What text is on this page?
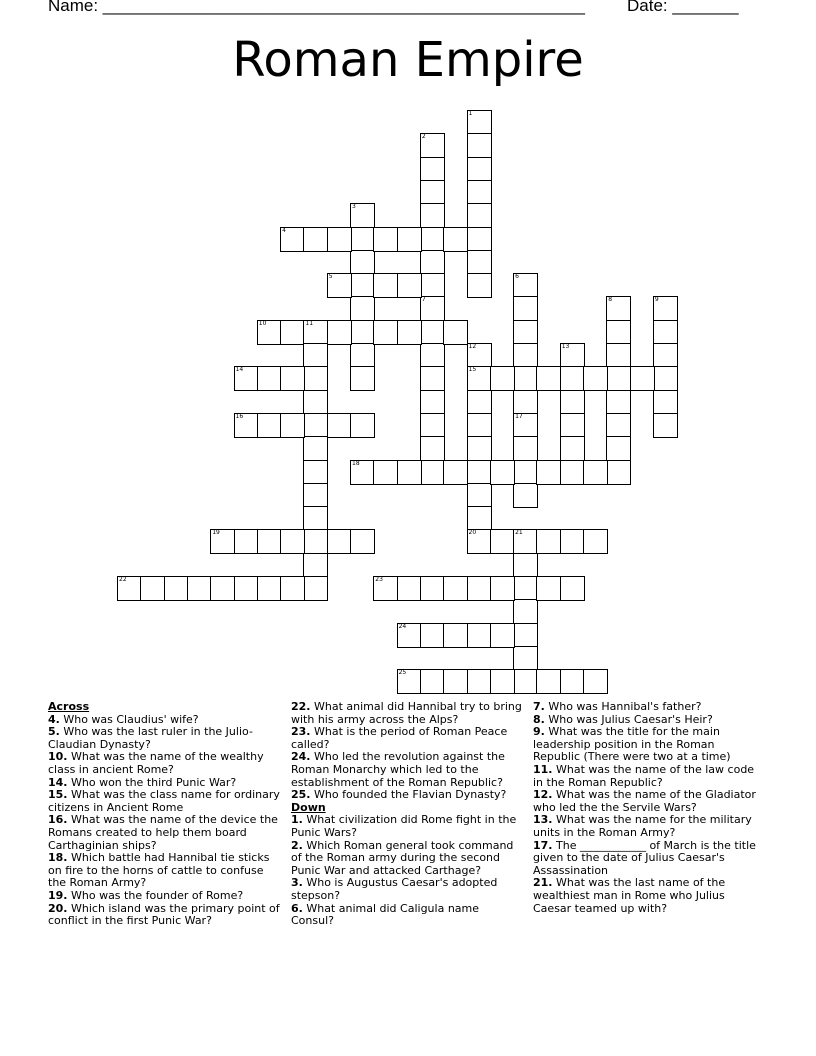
Name: ___________________________________________________ Date: _______
Roman Empire
1
2
7
3
4
5	6
17
8	9
10	11
12
15
20
13
14
16
18
19	21
22	23
24
25
Across
4. Who was Claudius' wife?
5. Who was the last ruler in the Julio-Claudian Dynasty?
10. What was the name of the wealthy class in ancient Rome?
14. Who won the third Punic War?
15. What was the class name for ordinary citizens in Ancient Rome
16. What was the name of the device the Romans created to help them board Carthaginian ships?
18. Which battle had Hannibal tie sticks on fire to the horns of cattle to confuse the Roman Army?
19. Who was the founder of Rome?
20. Which island was the primary point of conflict in the first Punic War?
22. What animal did Hannibal try to bring with his army across the Alps?
23. What is the period of Roman Peace called?
24. Who led the revolution against the Roman Monarchy which led to the establishment of the Roman Republic?
25. Who founded the Flavian Dynasty?
Down
1. What civilization did Rome fight in the Punic Wars?
2. Which Roman general took command of the Roman army during the second Punic War and attacked Carthage?
3. Who is Augustus Caesar's adopted stepson?
6. What animal did Caligula name Consul?
7. Who was Hannibal's father?
8. Who was Julius Caesar's Heir?
9. What was the title for the main leadership position in the Roman Republic (There were two at a time)
11. What was the name of the law code in the Roman Republic?
12. What was the name of the Gladiator who led the the Servile Wars?
13. What was the name for the military units in the Roman Army?
17. The ____________ of March is the title given to the date of Julius Caesar's Assassination
21. What was the last name of the wealthiest man in Rome who Julius Caesar teamed up with?
